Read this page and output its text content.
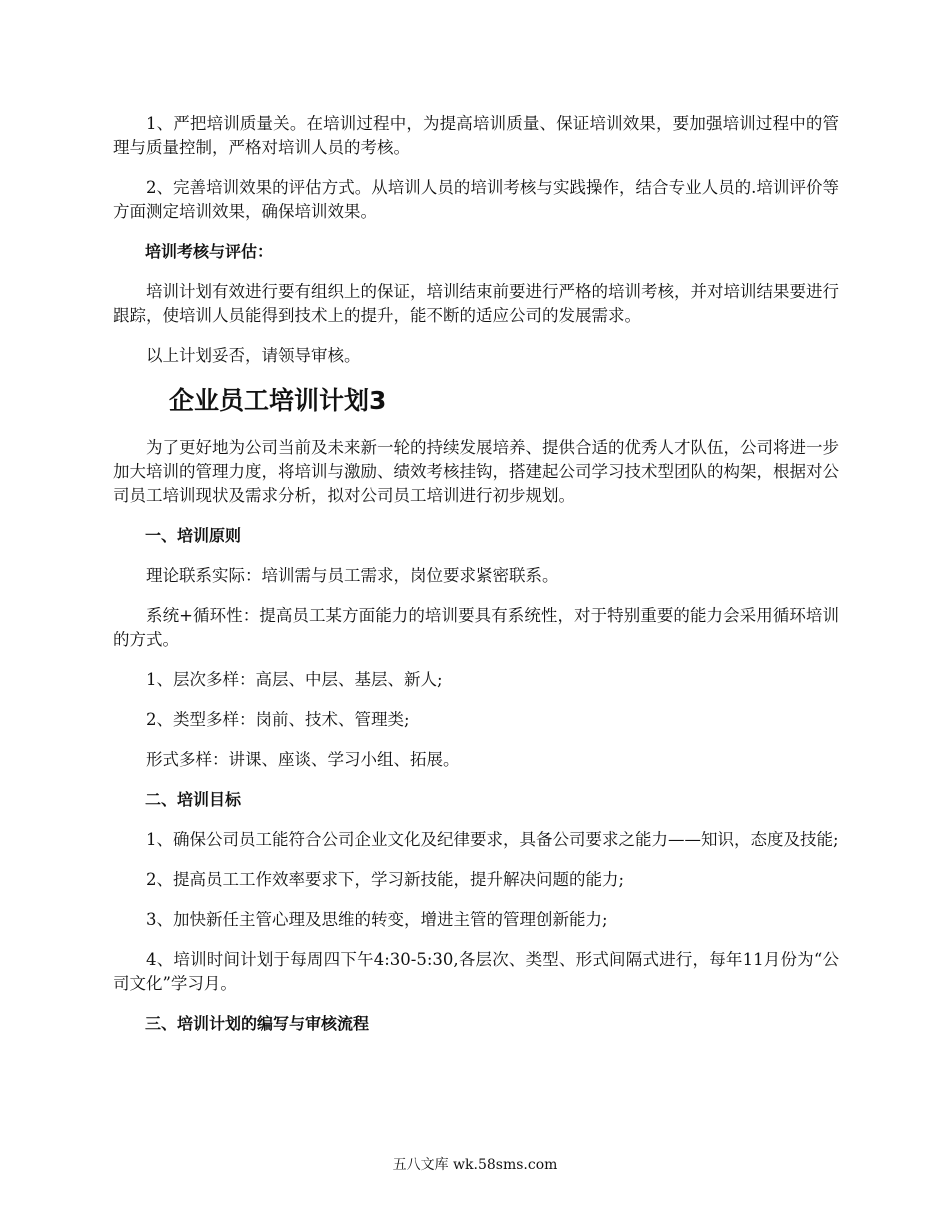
1、严把培训质量关。在培训过程中，为提高培训质量、保证培训效果，要加强培训过程中的管理与质量控制，严格对培训人员的考核。

2、完善培训效果的评估方式。从培训人员的培训考核与实践操作，结合专业人员的.培训评价等方面测定培训效果，确保培训效果。

培训考核与评估：

培训计划有效进行要有组织上的保证，培训结束前要进行严格的培训考核，并对培训结果要进行跟踪，使培训人员能得到技术上的提升，能不断的适应公司的发展需求。

以上计划妥否，请领导审核。

企业员工培训计划3

为了更好地为公司当前及未来新一轮的持续发展培养、提供合适的优秀人才队伍，公司将进一步加大培训的管理力度，将培训与激励、绩效考核挂钩，搭建起公司学习技术型团队的构架，根据对公司员工培训现状及需求分析，拟对公司员工培训进行初步规划。

一、培训原则

理论联系实际：培训需与员工需求，岗位要求紧密联系。

系统+循环性：提高员工某方面能力的培训要具有系统性，对于特别重要的能力会采用循环培训的方式。

1、层次多样：高层、中层、基层、新人;

2、类型多样：岗前、技术、管理类;

形式多样：讲课、座谈、学习小组、拓展。

二、培训目标

1、确保公司员工能符合公司企业文化及纪律要求，具备公司要求之能力——知识，态度及技能;

2、提高员工工作效率要求下，学习新技能，提升解决问题的能力;

3、加快新任主管心理及思维的转变，增进主管的管理创新能力;

4、培训时间计划于每周四下午4:30-5:30,各层次、类型、形式间隔式进行，每年11月份为“公司文化”学习月。

三、培训计划的编写与审核流程

五八文库 wk.58sms.com
